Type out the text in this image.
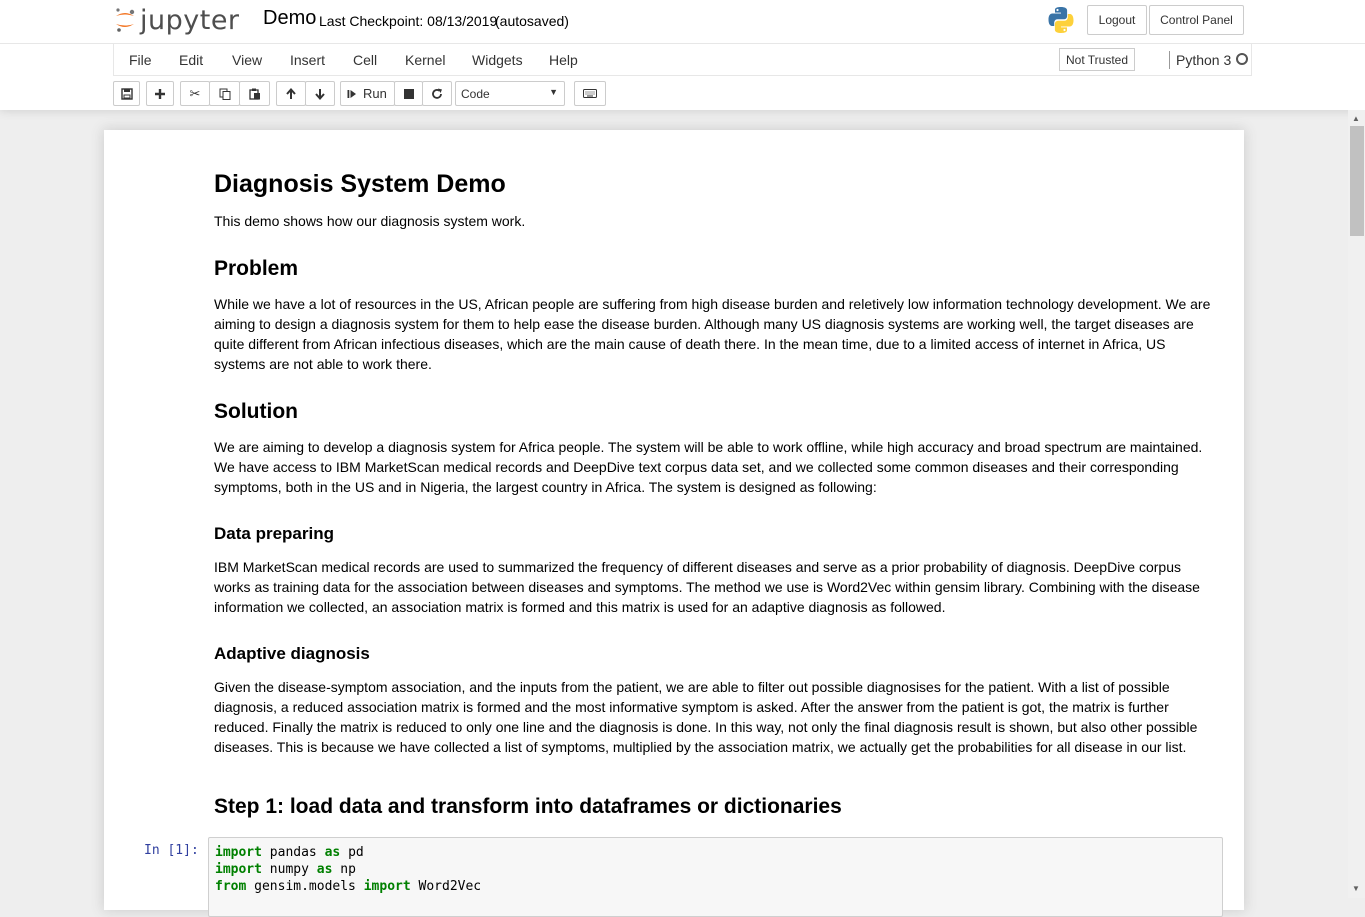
jupyter Demo Last Checkpoint: 08/13/2019
(autosaved)	Logout	Control Panel
File Edit View Insert Cell Kernel Widgets Help	Not Trusted	Python 3
✂	Run	Code	▼
Diagnosis System Demo

This demo shows how our diagnosis system work.

Problem

While we have a lot of resources in the US, African people are suffering from high disease burden and reletively low information technology development. We are aiming to design a diagnosis system for them to help ease the disease burden. Although many US diagnosis systems are working well, the target diseases are quite different from African infectious diseases, which are the main cause of death there. In the mean time, due to a limited access of internet in Africa, US systems are not able to work there.

Solution

We are aiming to develop a diagnosis system for Africa people. The system will be able to work offline, while high accuracy and broad spectrum are maintained. We have access to IBM MarketScan medical records and DeepDive text corpus data set, and we collected some common diseases and their corresponding symptoms, both in the US and in Nigeria, the largest country in Africa. The system is designed as following:

Data preparing

IBM MarketScan medical records are used to summarized the frequency of different diseases and serve as a prior probability of diagnosis. DeepDive corpus works as training data for the association between diseases and symptoms. The method we use is Word2Vec within gensim library. Combining with the disease information we collected, an association matrix is formed and this matrix is used for an adaptive diagnosis as followed.

Adaptive diagnosis

Given the disease-symptom association, and the inputs from the patient, we are able to filter out possible diagnosises for the patient. With a list of possible diagnosis, a reduced association matrix is formed and the most informative symptom is asked. After the answer from the patient is got, the matrix is further reduced. Finally the matrix is reduced to only one line and the diagnosis is done. In this way, not only the final diagnosis result is shown, but also other possible diseases. This is because we have collected a list of symptoms, multiplied by the association matrix, we actually get the probabilities for all disease in our list.

Step 1: load data and transform into dataframes or dictionaries
In [1]:	import pandas as pd
import numpy as np
from gensim.models import Word2Vec
▲
▼
